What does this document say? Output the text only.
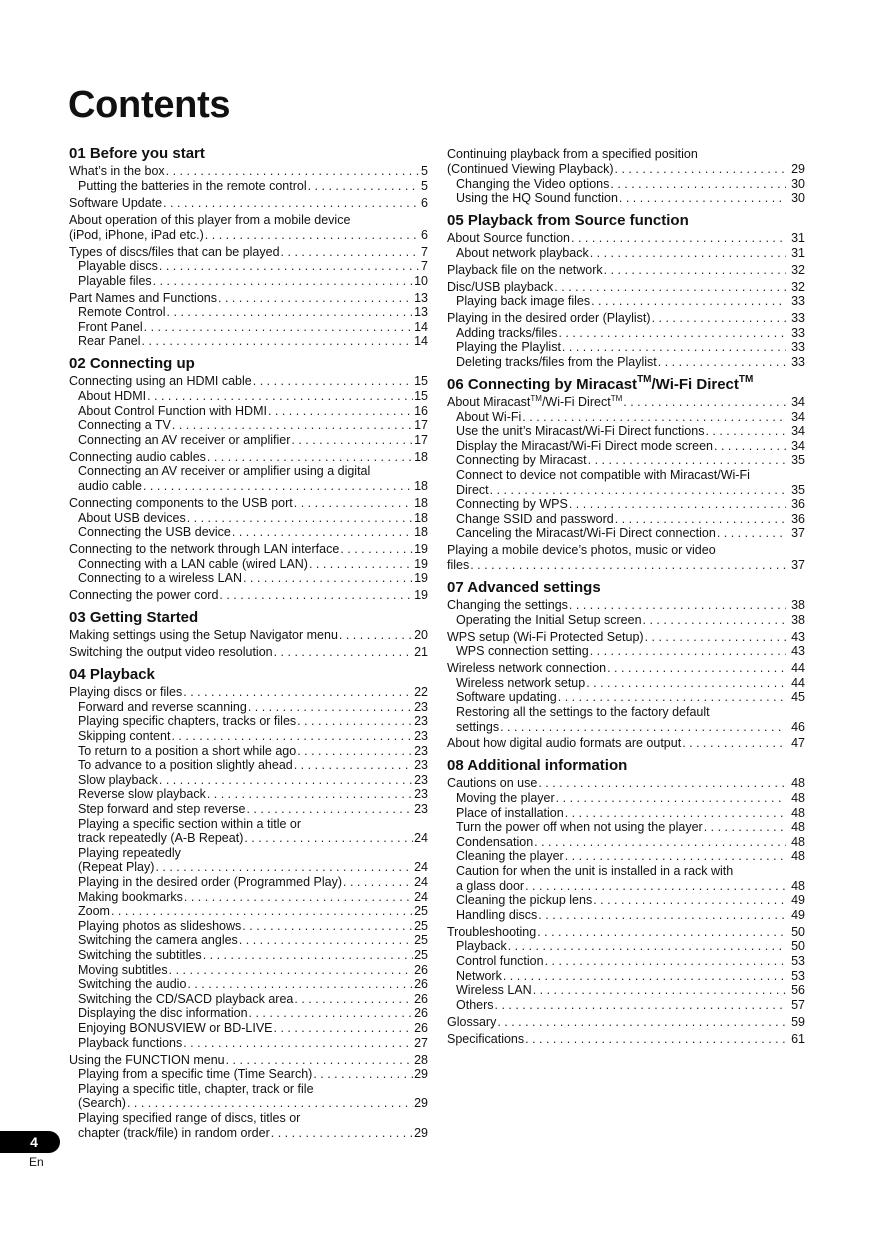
Contents
01 Before you start
What’s in the box . . .	5
Putting the batteries in the remote control . . .	5
Software Update . . .	6
About operation of this player from a mobile device
(iPod, iPhone, iPad etc.) . . .	6
Types of discs/files that can be played . . .	7
Playable discs . . .	7
Playable files . . .	10
Part Names and Functions . . .	13
Remote Control . . .	13
Front Panel . . .	14
Rear Panel . . .	14
02 Connecting up
Connecting using an HDMI cable . . .	15
About HDMI . . .	15
About Control Function with HDMI . . .	16
Connecting a TV . . .	17
Connecting an AV receiver or amplifier . . .	17
Connecting audio cables . . .	18
Connecting an AV receiver or amplifier using a digital
audio cable . . .	18
Connecting components to the USB port . . .	18
About USB devices . . .	18
Connecting the USB device . . .	18
Connecting to the network through LAN interface . . .	19
Connecting with a LAN cable (wired LAN) . . .	19
Connecting to a wireless LAN . . .	19
Connecting the power cord . . .	19
03 Getting Started
Making settings using the Setup Navigator menu . . .	20
Switching the output video resolution . . .	21
04 Playback
Playing discs or files . . .	22
Forward and reverse scanning . . .	23
Playing specific chapters, tracks or files . . .	23
Skipping content . . .	23
To return to a position a short while ago . . .	23
To advance to a position slightly ahead . . .	23
Slow playback . . .	23
Reverse slow playback . . .	23
Step forward and step reverse . . .	23
Playing a specific section within a title or
track repeatedly (A-B Repeat) . . .	24
Playing repeatedly
(Repeat Play) . . .	24
Playing in the desired order (Programmed Play) . . .	24
Making bookmarks . . .	24
Zoom . . .	25
Playing photos as slideshows . . .	25
Switching the camera angles . . .	25
Switching the subtitles . . .	25
Moving subtitles . . .	26
Switching the audio . . .	26
Switching the CD/SACD playback area . . .	26
Displaying the disc information . . .	26
Enjoying BONUSVIEW or BD-LIVE . . .	26
Playback functions . . .	27
Using the FUNCTION menu . . .	28
Playing from a specific time (Time Search) . . .	29
Playing a specific title, chapter, track or file
(Search) . . .	29
Playing specified range of discs, titles or
chapter (track/file) in random order . . .	29
Continuing playback from a specified position
(Continued Viewing Playback) . . .	29
Changing the Video options . . .	30
Using the HQ Sound function . . .	30
05 Playback from Source function
About Source function . . .	31
About network playback . . .	31
Playback file on the network . . .	32
Disc/USB playback . . .	32
Playing back image files . . .	33
Playing in the desired order (Playlist) . . .	33
Adding tracks/files . . .	33
Playing the Playlist . . .	33
Deleting tracks/files from the Playlist . . .	33
06 Connecting by Miracast™/Wi-Fi Direct™
About Miracast™/Wi-Fi Direct™ . . .	34
About Wi-Fi . . .	34
Use the unit’s Miracast/Wi-Fi Direct functions . . .	34
Display the Miracast/Wi-Fi Direct mode screen . . .	34
Connecting by Miracast . . .	35
Connect to device not compatible with Miracast/Wi-Fi
Direct . . .	35
Connecting by WPS . . .	36
Change SSID and password . . .	36
Canceling the Miracast/Wi-Fi Direct connection . . .	37
Playing a mobile device’s photos, music or video
files . . .	37
07 Advanced settings
Changing the settings . . .	38
Operating the Initial Setup screen . . .	38
WPS setup (Wi-Fi Protected Setup) . . .	43
WPS connection setting . . .	43
Wireless network connection . . .	44
Wireless network setup . . .	44
Software updating . . .	45
Restoring all the settings to the factory default
settings . . .	46
About how digital audio formats are output . . .	47
08 Additional information
Cautions on use . . .	48
Moving the player . . .	48
Place of installation . . .	48
Turn the power off when not using the player . . .	48
Condensation . . .	48
Cleaning the player . . .	48
Caution for when the unit is installed in a rack with
a glass door . . .	48
Cleaning the pickup lens . . .	49
Handling discs . . .	49
Troubleshooting . . .	50
Playback . . .	50
Control function . . .	53
Network . . .	53
Wireless LAN . . .	56
Others . . .	57
Glossary . . .	59
Specifications . . .	61
4
En
